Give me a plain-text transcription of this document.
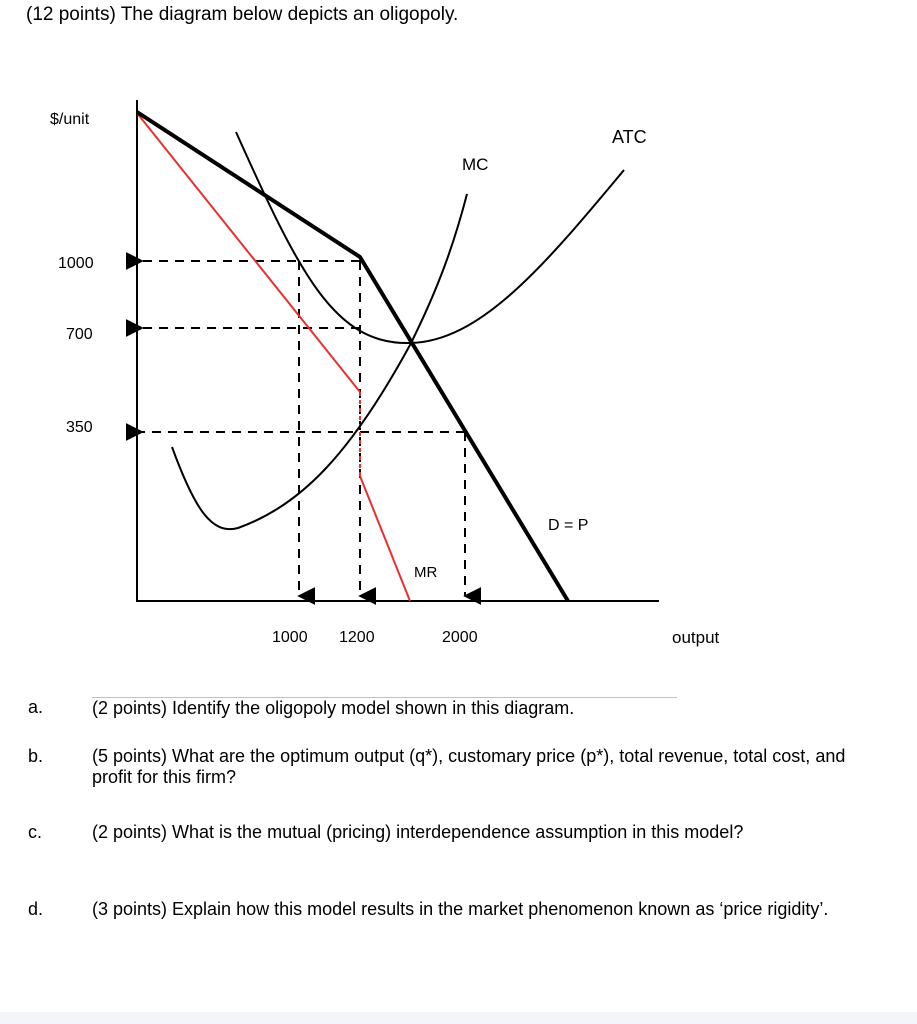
(12 points) The diagram below depicts an oligopoly.
$/unit
output
1000
700
350
1000 1200	2000
MC
ATC
D = P
MR
a.	(2 points) Identify the oligopoly model shown in this diagram.
b.	(5 points) What are the optimum output (q*), customary price (p*), total revenue, total cost, and profit for this firm?
c.	(2 points) What is the mutual (pricing) interdependence assumption in this model?
d.	(3 points) Explain how this model results in the market phenomenon known as ‘price rigidity’.
